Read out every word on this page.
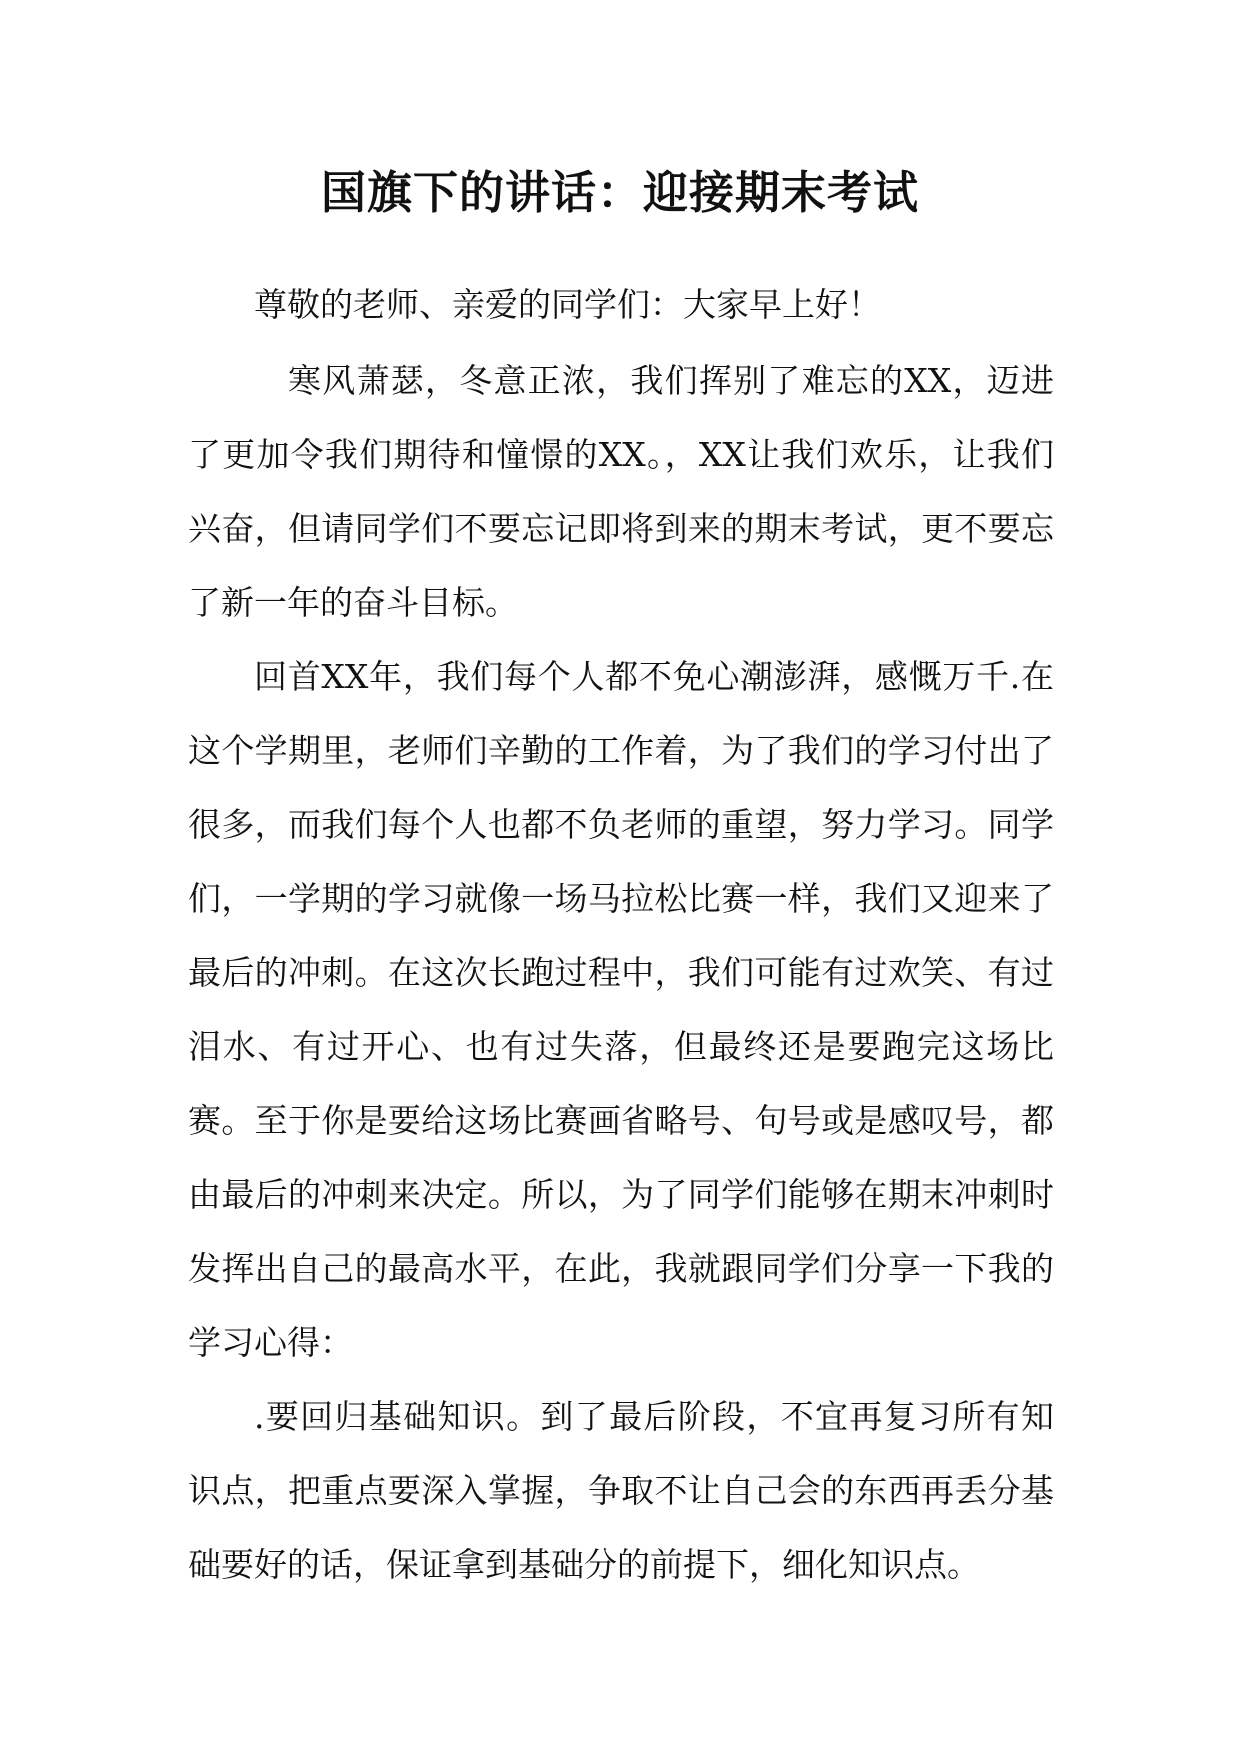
国旗下的讲话：迎接期末考试

尊敬的老师、亲爱的同学们：大家早上好！

寒风萧瑟，冬意正浓，我们挥别了难忘的XX，迈进了更加令我们期待和憧憬的XX。，XX让我们欢乐，让我们兴奋，但请同学们不要忘记即将到来的期末考试，更不要忘了新一年的奋斗目标。

回首XX年，我们每个人都不免心潮澎湃，感慨万千.在这个学期里，老师们辛勤的工作着，为了我们的学习付出了很多，而我们每个人也都不负老师的重望，努力学习。同学们，一学期的学习就像一场马拉松比赛一样，我们又迎来了最后的冲刺。在这次长跑过程中，我们可能有过欢笑、有过泪水、有过开心、也有过失落，但最终还是要跑完这场比赛。至于你是要给这场比赛画省略号、句号或是感叹号，都由最后的冲刺来决定。所以，为了同学们能够在期末冲刺时发挥出自己的最高水平，在此，我就跟同学们分享一下我的学习心得：

.要回归基础知识。到了最后阶段，不宜再复习所有知识点，把重点要深入掌握，争取不让自己会的东西再丢分基础要好的话，保证拿到基础分的前提下，细化知识点。
